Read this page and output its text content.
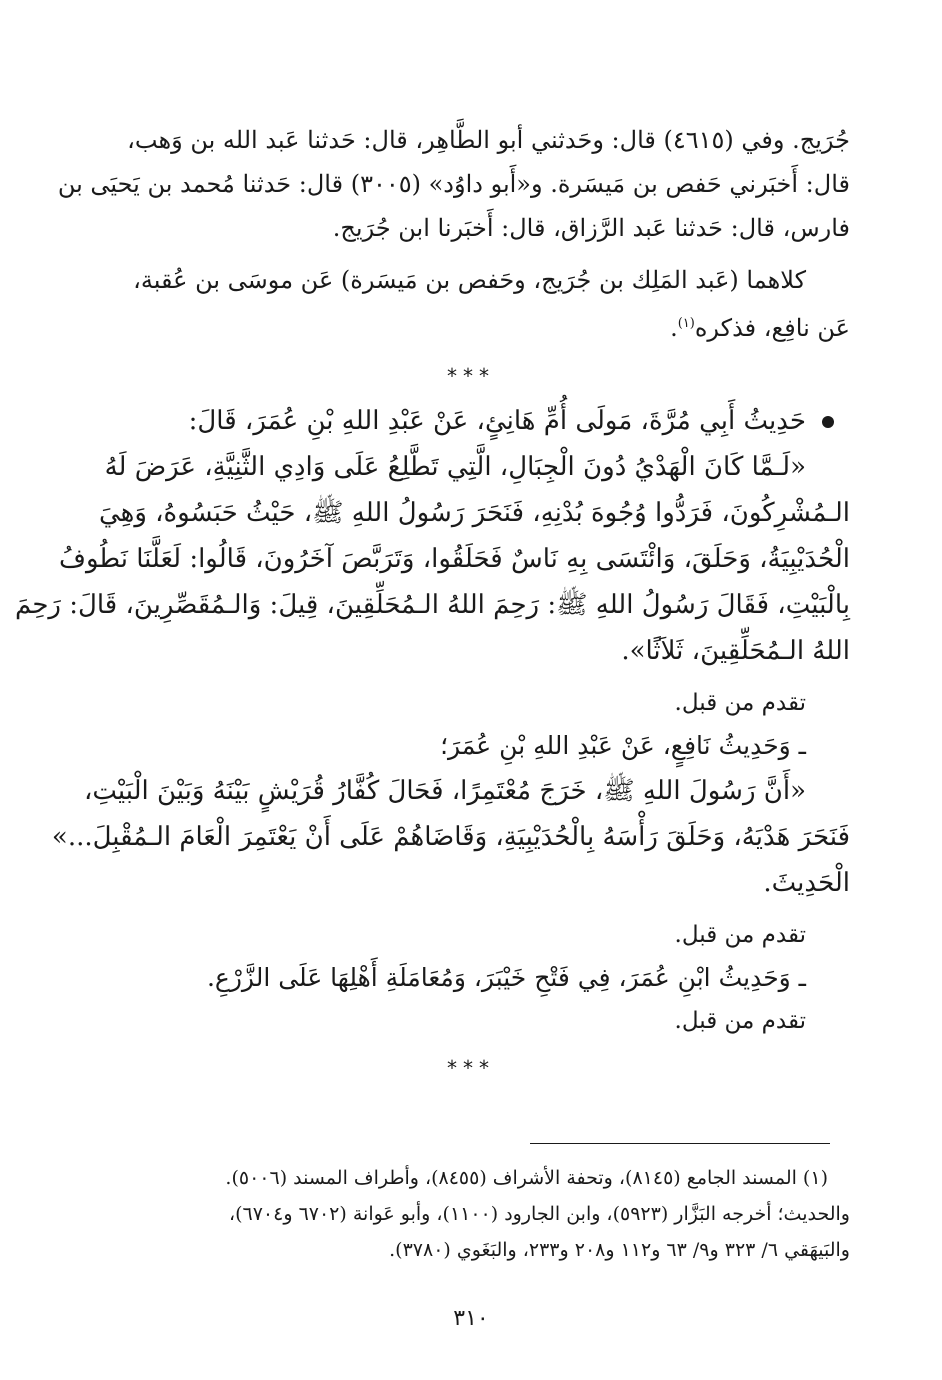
جُرَيج. وفي (٤٦١٥) قال: وحَدثني أبو الطَّاهِر، قال: حَدثنا عَبد الله بن وَهب،

قال: أَخبَرني حَفص بن مَيسَرة. و«أَبو داوُد» (٣٠٠٥) قال: حَدثنا مُحمد بن يَحيَى بن

فارس، قال: حَدثنا عَبد الرَّزاق، قال: أَخبَرنا ابن جُرَيج.

كلاهما (عَبد المَلِك بن جُرَيج، وحَفص بن مَيسَرة) عَن موسَى بن عُقبة،

عَن نافِع، فذكره$^{(١)}$.

***

حَدِيثُ أَبِي مُرَّةَ، مَولَى أُمِّ هَانِئٍ، عَنْ عَبْدِ اللهِ بْنِ عُمَرَ، قَالَ:

«لَـمَّا كَانَ الْهَدْيُ دُونَ الْجِبَالِ، الَّتِي تَطَّلِعُ عَلَى وَادِي الثَّنِيَّةِ، عَرَضَ لَهُ

الـمُشْرِكُونَ، فَرَدُّوا وُجُوهَ بُدْنِهِ، فَنَحَرَ رَسُولُ اللهِ ﷺ، حَيْثُ حَبَسُوهُ، وَهِيَ

الْحُدَيْبِيَةُ، وَحَلَقَ، وَائْتَسَى بِهِ نَاسٌ فَحَلَقُوا، وَتَرَبَّصَ آخَرُونَ، قَالُوا: لَعَلَّنَا نَطُوفُ

بِالْبَيْتِ، فَقَالَ رَسُولُ اللهِ ﷺ: رَحِمَ اللهُ الـمُحَلِّقِينَ، قِيلَ: وَالـمُقَصِّرِينَ، قَالَ: رَحِمَ

اللهُ الـمُحَلِّقِينَ، ثَلاَثًا».

تقدم من قبل.

ـ وَحَدِيثُ نَافِعٍ، عَنْ عَبْدِ اللهِ بْنِ عُمَرَ؛

«أَنَّ رَسُولَ اللهِ ﷺ، خَرَجَ مُعْتَمِرًا، فَحَالَ كُفَّارُ قُرَيْشٍ بَيْنَهُ وَبَيْنَ الْبَيْتِ،

فَنَحَرَ هَدْيَهُ، وَحَلَقَ رَأْسَهُ بِالْحُدَيْبِيَةِ، وَقَاضَاهُمْ عَلَى أَنْ يَعْتَمِرَ الْعَامَ الـمُقْبِلَ...»

الْحَدِيثَ.

تقدم من قبل.

ـ وَحَدِيثُ ابْنِ عُمَرَ، فِي فَتْحِ خَيْبَرَ، وَمُعَامَلَةِ أَهْلِهَا عَلَى الزَّرْعِ.

تقدم من قبل.

***

(١) المسند الجامع (٨١٤٥)، وتحفة الأشراف (٨٤٥٥)، وأطراف المسند (٥٠٠٦).

والحديث؛ أخرجه البَزَّار (٥٩٢٣)، وابن الجارود (١١٠٠)، وأبو عَوانة (٦٧٠٢ و٦٧٠٤)،

والبَيهَقي ٦/ ٣٢٣ و٩/ ٦٣ و١١٢ و٢٠٨ و٢٣٣، والبَغَوي (٣٧٨٠).

٣١٠
